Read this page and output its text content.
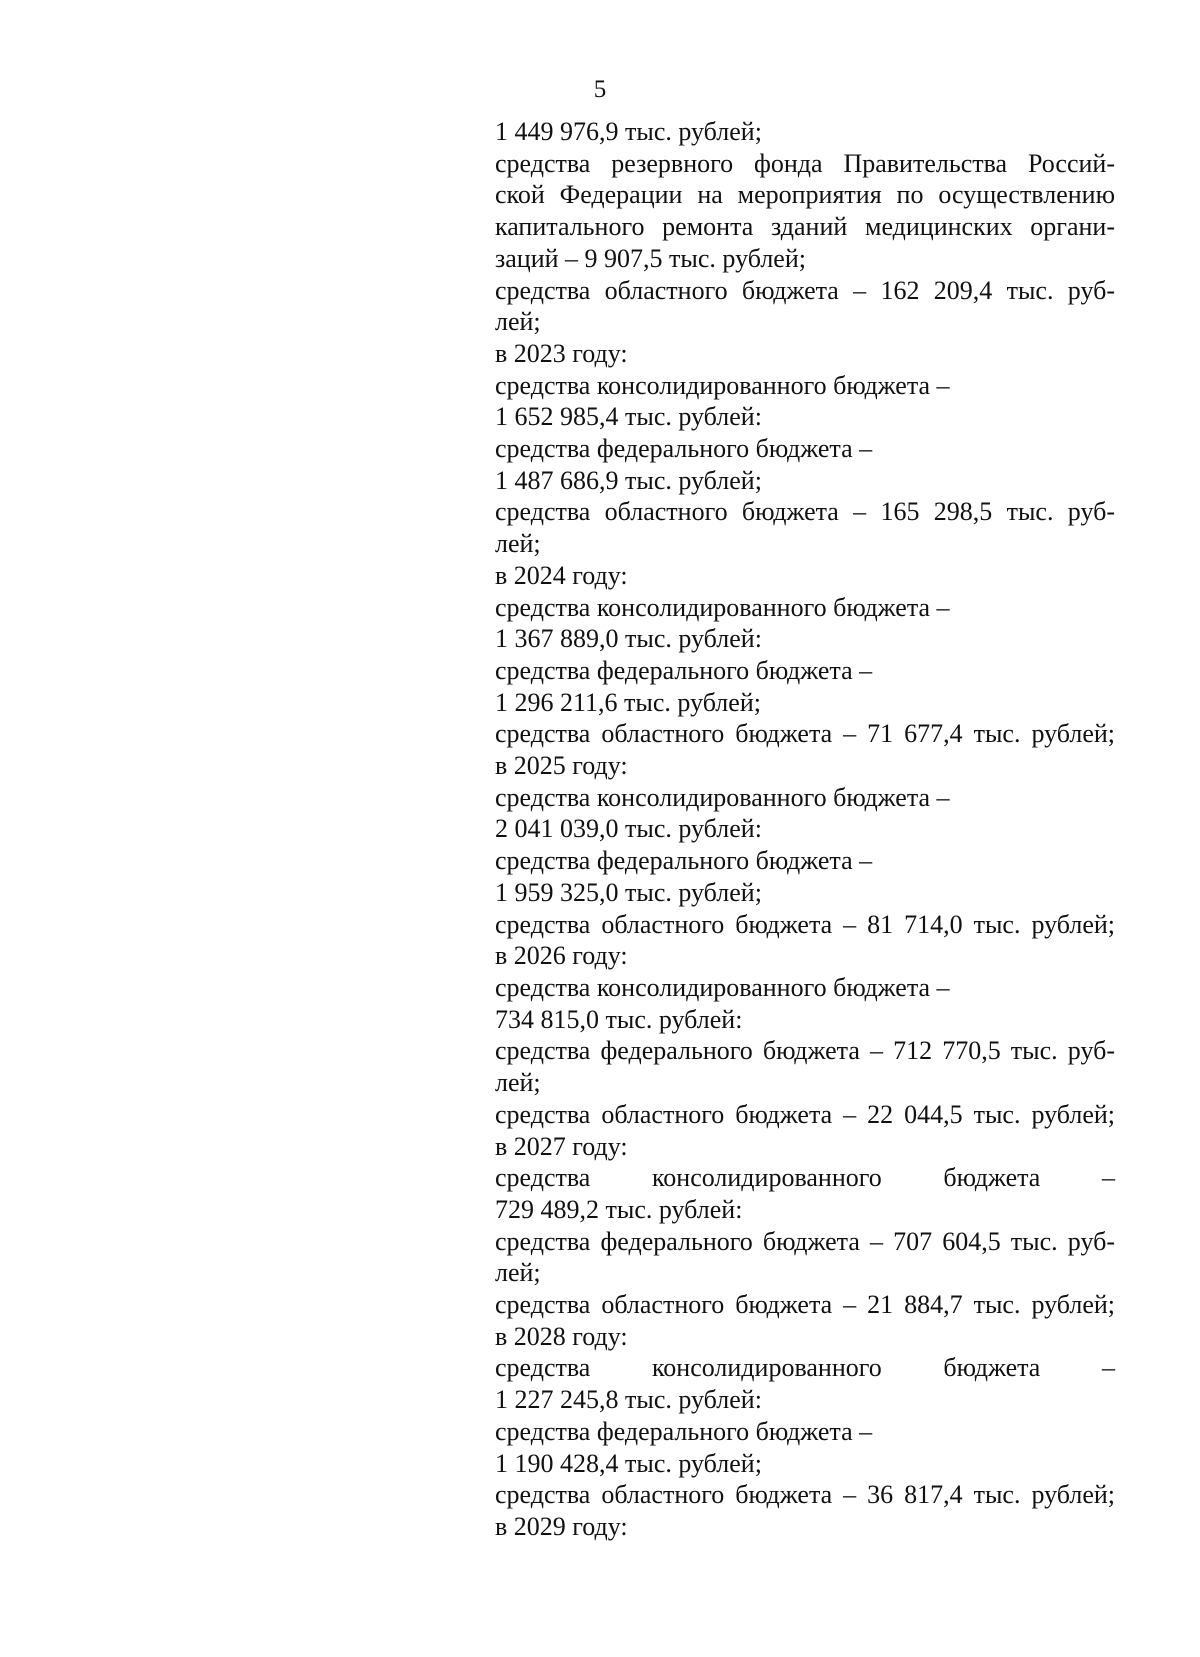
5
1 449 976,9 тыс. рублей;
средства резервного фонда Правительства Россий-
ской Федерации на мероприятия по осуществлению
капитального ремонта зданий медицинских органи-
заций – 9 907,5 тыс. рублей;
средства областного бюджета – 162 209,4 тыс. руб-
лей;
в 2023 году:
средства консолидированного бюджета –
1 652 985,4 тыс. рублей:
средства федерального бюджета –
1 487 686,9 тыс. рублей;
средства областного бюджета – 165 298,5 тыс. руб-
лей;
в 2024 году:
средства консолидированного бюджета –
1 367 889,0 тыс. рублей:
средства федерального бюджета –
1 296 211,6 тыс. рублей;
средства областного бюджета – 71 677,4 тыс. рублей;
в 2025 году:
средства консолидированного бюджета –
2 041 039,0 тыс. рублей:
средства федерального бюджета –
1 959 325,0 тыс. рублей;
средства областного бюджета – 81 714,0 тыс. рублей;
в 2026 году:
средства консолидированного бюджета –
734 815,0 тыс. рублей:
средства федерального бюджета – 712 770,5 тыс. руб-
лей;
средства областного бюджета – 22 044,5 тыс. рублей;
в 2027 году:
средства консолидированного бюджета –
729 489,2 тыс. рублей:
средства федерального бюджета – 707 604,5 тыс. руб-
лей;
средства областного бюджета – 21 884,7 тыс. рублей;
в 2028 году:
средства консолидированного бюджета –
1 227 245,8 тыс. рублей:
средства федерального бюджета –
1 190 428,4 тыс. рублей;
средства областного бюджета – 36 817,4 тыс. рублей;
в 2029 году:
